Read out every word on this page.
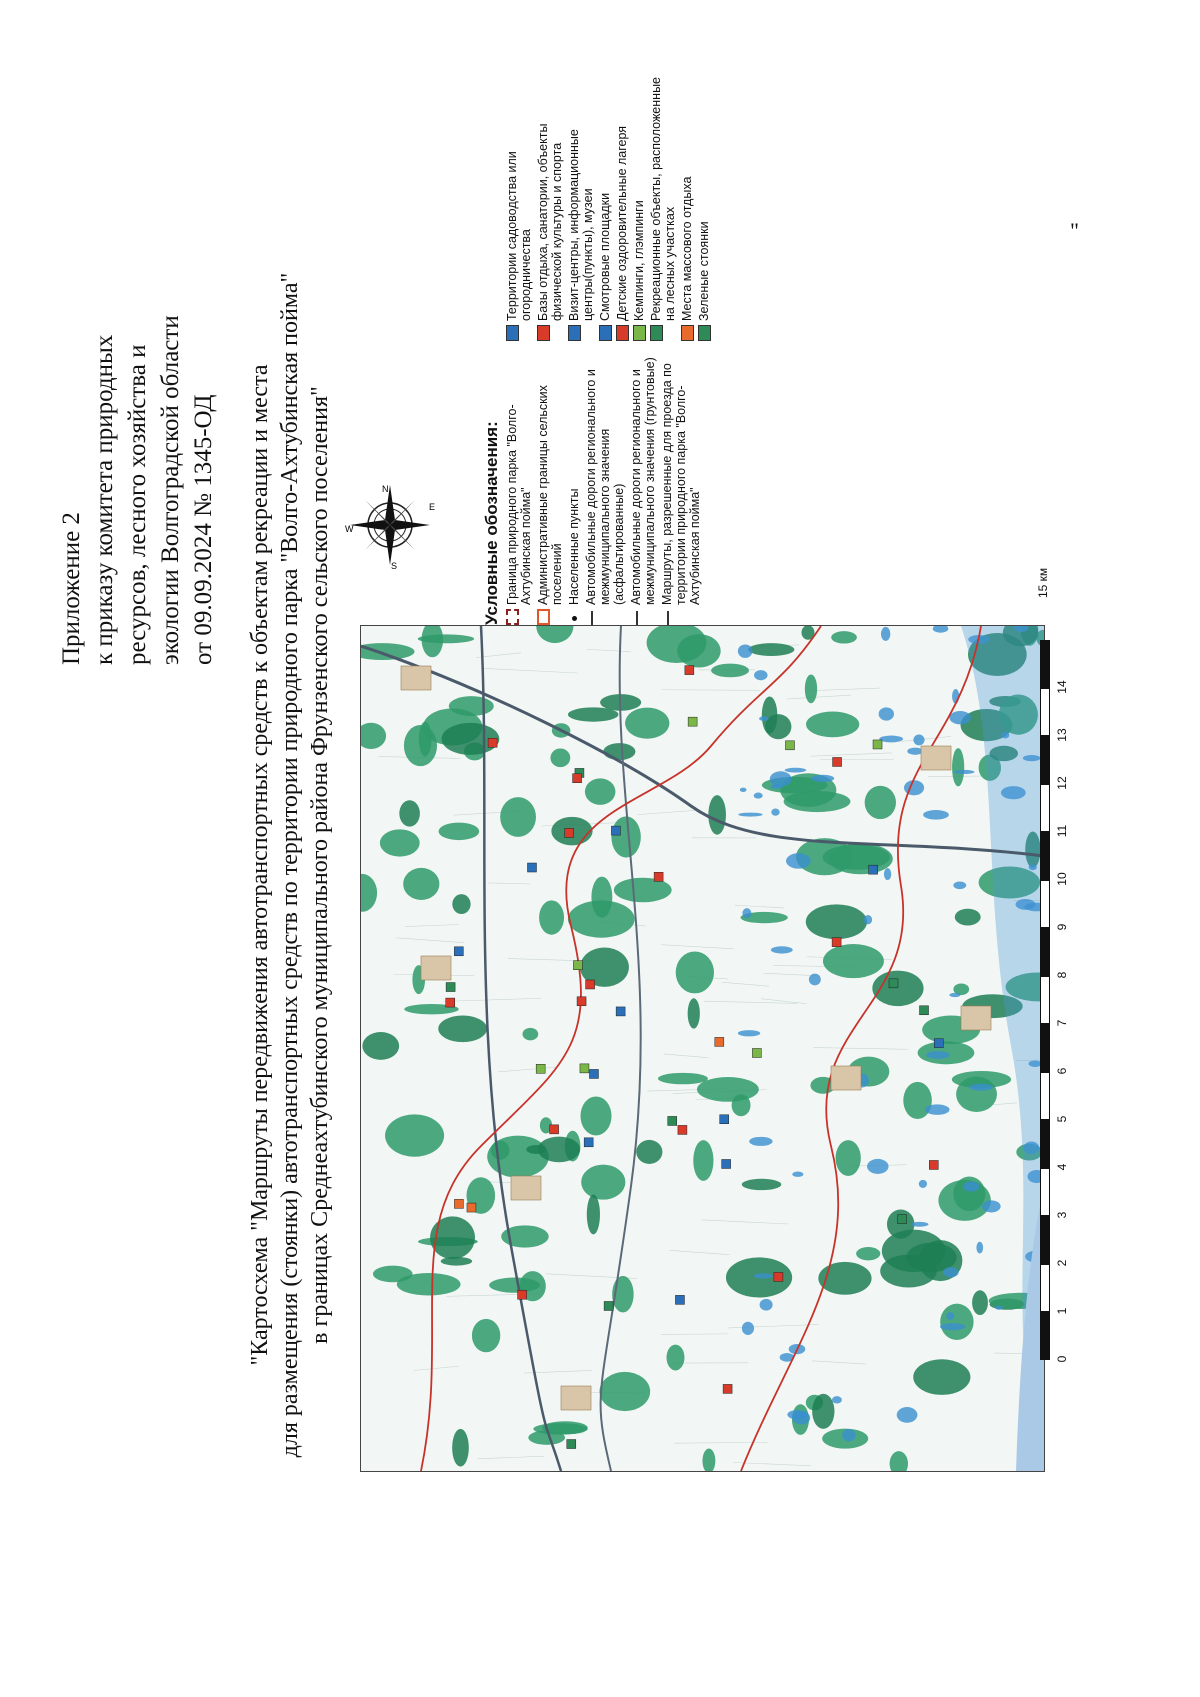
Приложение 2 к приказу комитета природных ресурсов, лесного хозяйства и экологии Волгоградской области от 09.09.2024 № 1345-ОД "Картосхема "Маршруты передвижения автотранспортных средств к объектам рекреации и места для размещения (стоянки) автотранспортных средств по территории природного парка "Волго-Ахтубинская пойма" в границах Среднеахтубинского муниципального района Фрунзенского сельского поселения"	N
E
S
W	Условные обозначения: Граница природного парка "Волго-Ахтубинская пойма" Административные границы сельских поселений Населенные пункты Автомобильные дороги регионального и межмуниципального значения (асфальтированные) Автомобильные дороги регионального и межмуниципального значения (грунтовые) Маршруты, разрешенные для проезда по территории природного парка "Волго-Ахтубинская пойма"
Территории садоводства или огородничества Базы отдыха, санатории, объекты физической культуры и спорта Визит-центры, информационные центры(пункты), музеи Смотровые площадки Детские оздоровительные лагеря Кемпинги, глэмпинги Рекреационные объекты, расположенные на лесных участках Места массового отдыха Зеленые стоянки
0
1
2
3
4
5
6
7
8
9
10
11
12
13
14
15 км
"
